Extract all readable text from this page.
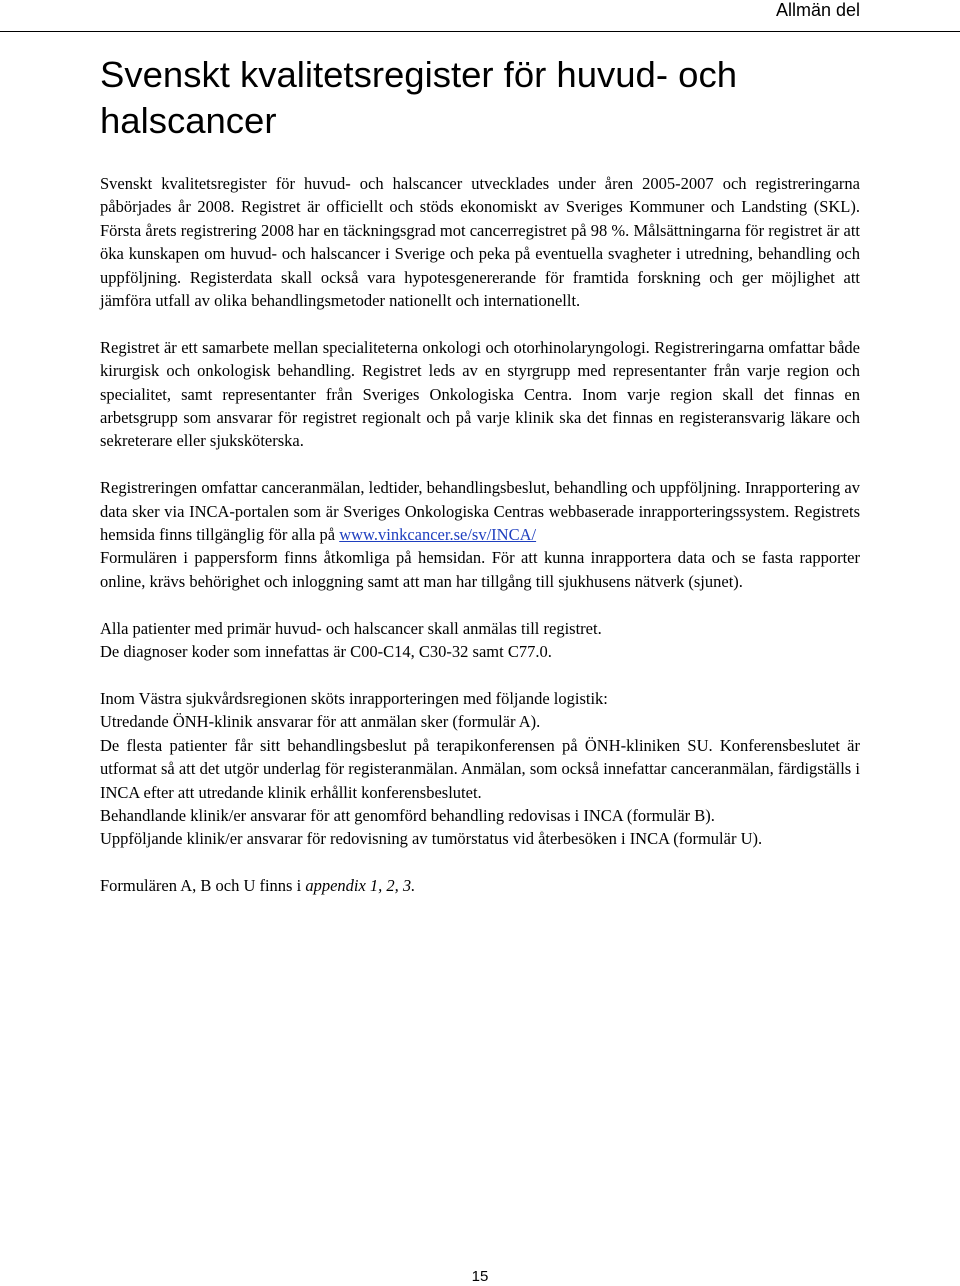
Allmän del
Svenskt kvalitetsregister för huvud- och halscancer

Svenskt kvalitetsregister för huvud- och halscancer utvecklades under åren 2005-2007 och registreringarna påbörjades år 2008. Registret är officiellt och stöds ekonomiskt av Sveriges Kommuner och Landsting (SKL). Första årets registrering 2008 har en täckningsgrad mot cancerregistret på 98 %. Målsättningarna för registret är att öka kunskapen om huvud- och halscancer i Sverige och peka på eventuella svagheter i utredning, behandling och uppföljning. Registerdata skall också vara hypotesgenererande för framtida forskning och ger möjlighet att jämföra utfall av olika behandlingsmetoder nationellt och internationellt.

Registret är ett samarbete mellan specialiteterna onkologi och otorhinolaryngologi. Registreringarna omfattar både kirurgisk och onkologisk behandling. Registret leds av en styrgrupp med representanter från varje region och specialitet, samt representanter från Sveriges Onkologiska Centra. Inom varje region skall det finnas en arbetsgrupp som ansvarar för registret regionalt och på varje klinik ska det finnas en registeransvarig läkare och sekreterare eller sjuksköterska.

Registreringen omfattar canceranmälan, ledtider, behandlingsbeslut, behandling och uppföljning. Inrapportering av data sker via INCA-portalen som är Sveriges Onkologiska Centras webbaserade inrapporteringssystem. Registrets hemsida finns tillgänglig för alla på www.vinkcancer.se/sv/INCA/
Formulären i pappersform finns åtkomliga på hemsidan. För att kunna inrapportera data och se fasta rapporter online, krävs behörighet och inloggning samt att man har tillgång till sjukhusens nätverk (sjunet).

Alla patienter med primär huvud- och halscancer skall anmälas till registret.
De diagnoser koder som innefattas är C00-C14, C30-32 samt C77.0.

Inom Västra sjukvårdsregionen sköts inrapporteringen med följande logistik:
Utredande ÖNH-klinik ansvarar för att anmälan sker (formulär A).
De flesta patienter får sitt behandlingsbeslut på terapikonferensen på ÖNH-kliniken SU. Konferensbeslutet är utformat så att det utgör underlag för registeranmälan. Anmälan, som också innefattar canceranmälan, färdigställs i INCA efter att utredande klinik erhållit konferensbeslutet.
Behandlande klinik/er ansvarar för att genomförd behandling redovisas i INCA (formulär B).
Uppföljande klinik/er ansvarar för redovisning av tumörstatus vid återbesöken i INCA (formulär U).

Formulären A, B och U finns i appendix 1, 2, 3.

15
